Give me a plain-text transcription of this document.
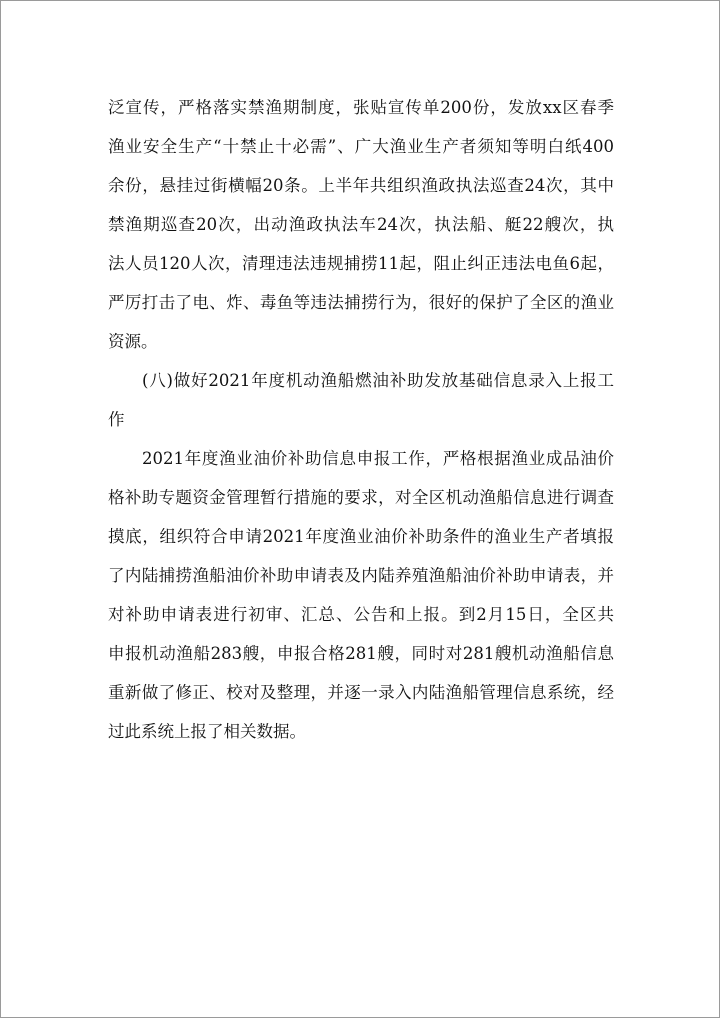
泛宣传，严格落实禁渔期制度，张贴宣传单200份，发放xx区春季
渔业安全生产“十禁止十必需”、广大渔业生产者须知等明白纸400
余份，悬挂过街横幅20条。上半年共组织渔政执法巡查24次，其中
禁渔期巡查20次，出动渔政执法车24次，执法船、艇22艘次，执
法人员120人次，清理违法违规捕捞11起，阻止纠正违法电鱼6起，
严厉打击了电、炸、毒鱼等违法捕捞行为，很好的保护了全区的渔业
资源。
(八)做好2021年度机动渔船燃油补助发放基础信息录入上报工
作
2021年度渔业油价补助信息申报工作，严格根据渔业成品油价
格补助专题资金管理暂行措施的要求，对全区机动渔船信息进行调查
摸底，组织符合申请2021年度渔业油价补助条件的渔业生产者填报
了内陆捕捞渔船油价补助申请表及内陆养殖渔船油价补助申请表，并
对补助申请表进行初审、汇总、公告和上报。到2月15日，全区共
申报机动渔船283艘，申报合格281艘，同时对281艘机动渔船信息
重新做了修正、校对及整理，并逐一录入内陆渔船管理信息系统，经
过此系统上报了相关数据。
